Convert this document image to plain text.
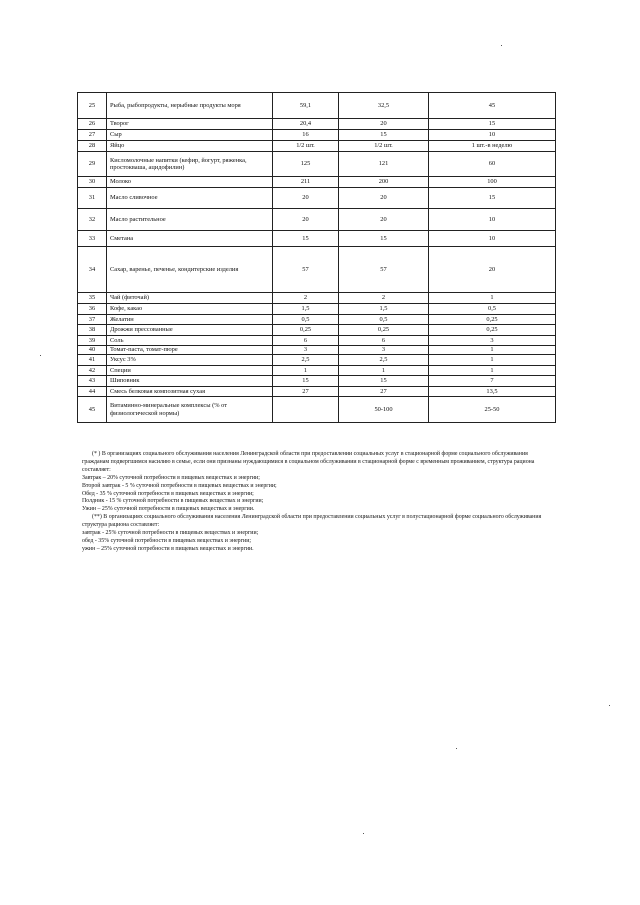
25	Рыба, рыбопродукты, нерыбные продукты моря	59,1	32,5	45
26	Творог	20,4	20	15
27	Сыр	16	15	10
28	Яйцо	1/2 шт.	1/2 шт.	1 шт.-в неделю
29	Кисломолочные напитки (кефир, йогурт, ряженка, простокваша, ацидофилин)	125	121	60
30	Молоко	211	200	100
31	Масло сливочное	20	20	15
32	Масло растительное	20	20	10
33	Сметана	15	15	10
34	Сахар, варенье, печенье, кондитерские изделия	57	57	20
35	Чай (фиточай)	2	2	1
36	Кофе, какао	1,5	1,5	0,5
37	Желатин	0,5	0,5	0,25
38	Дрожжи прессованные	0,25	0,25	0,25
39	Соль	6	6	3
40	Томат-паста, томат-пюре	3	3	1
41	Уксус 3%	2,5	2,5	1
42	Специи	1	1	1
43	Шиповник	15	15	7
44	Смесь белковая композитная сухая	27	27	13,5
45	Витаминно-минеральные комплексы (% от физиологической нормы)		50-100	25-50

(* ) В организациях социального обслуживания населения Ленинградской области при предоставлении социальных услуг в стационарной форме социального обслуживания гражданам подвергшимся насилию в семье, если они признаны нуждающимися в социальном обслуживании в стационарной форме с временным проживанием, структура рациона составляет:

Завтрак – 20% суточной потребности в пищевых веществах и энергии;

Второй завтрак - 5 % суточной потребности в пищевых веществах и энергии;

Обед - 35 % суточной потребности в пищевых веществах и энергии;

Полдник - 15 % суточной потребности в пищевых веществах и энергии;

Ужин – 25% суточной потребности в пищевых веществах и энергии.

(**) В организациях социального обслуживания населения Ленинградской области при предоставлении социальных услуг в полустационарной форме социального обслуживания структура рациона составляет:

завтрак - 25% суточной потребности в пищевых веществах и энергии;

обед - 35% суточной потребности в пищевых веществах и энергии;

ужин – 25% суточной потребности в пищевых веществах и энергии.
